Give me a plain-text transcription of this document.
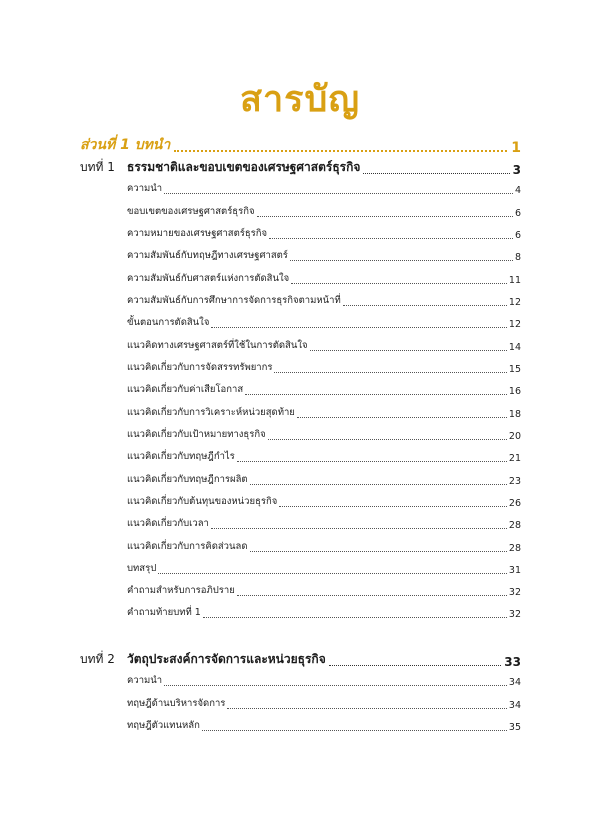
สารบัญ
ส่วนที่ 1 บทนำ	1
บทที่ 1	ธรรมชาติและขอบเขตของเศรษฐศาสตร์ธุรกิจ	3
ความนำ	4
ขอบเขตของเศรษฐศาสตร์ธุรกิจ	6
ความหมายของเศรษฐศาสตร์ธุรกิจ	6
ความสัมพันธ์กับทฤษฎีทางเศรษฐศาสตร์	8
ความสัมพันธ์กับศาสตร์แห่งการตัดสินใจ	11
ความสัมพันธ์กับการศึกษาการจัดการธุรกิจตามหน้าที่	12
ขั้นตอนการตัดสินใจ	12
แนวคิดทางเศรษฐศาสตร์ที่ใช้ในการตัดสินใจ	14
แนวคิดเกี่ยวกับการจัดสรรทรัพยากร	15
แนวคิดเกี่ยวกับค่าเสียโอกาส	16
แนวคิดเกี่ยวกับการวิเคราะห์หน่วยสุดท้าย	18
แนวคิดเกี่ยวกับเป้าหมายทางธุรกิจ	20
แนวคิดเกี่ยวกับทฤษฎีกำไร	21
แนวคิดเกี่ยวกับทฤษฎีการผลิต	23
แนวคิดเกี่ยวกับต้นทุนของหน่วยธุรกิจ	26
แนวคิดเกี่ยวกับเวลา	28
แนวคิดเกี่ยวกับการคิดส่วนลด	28
บทสรุป	31
คำถามสำหรับการอภิปราย	32
คำถามท้ายบทที่ 1	32
บทที่ 2	วัตถุประสงค์การจัดการและหน่วยธุรกิจ	33
ความนำ	34
ทฤษฎีด้านบริหารจัดการ	34
ทฤษฎีตัวแทนหลัก	35
